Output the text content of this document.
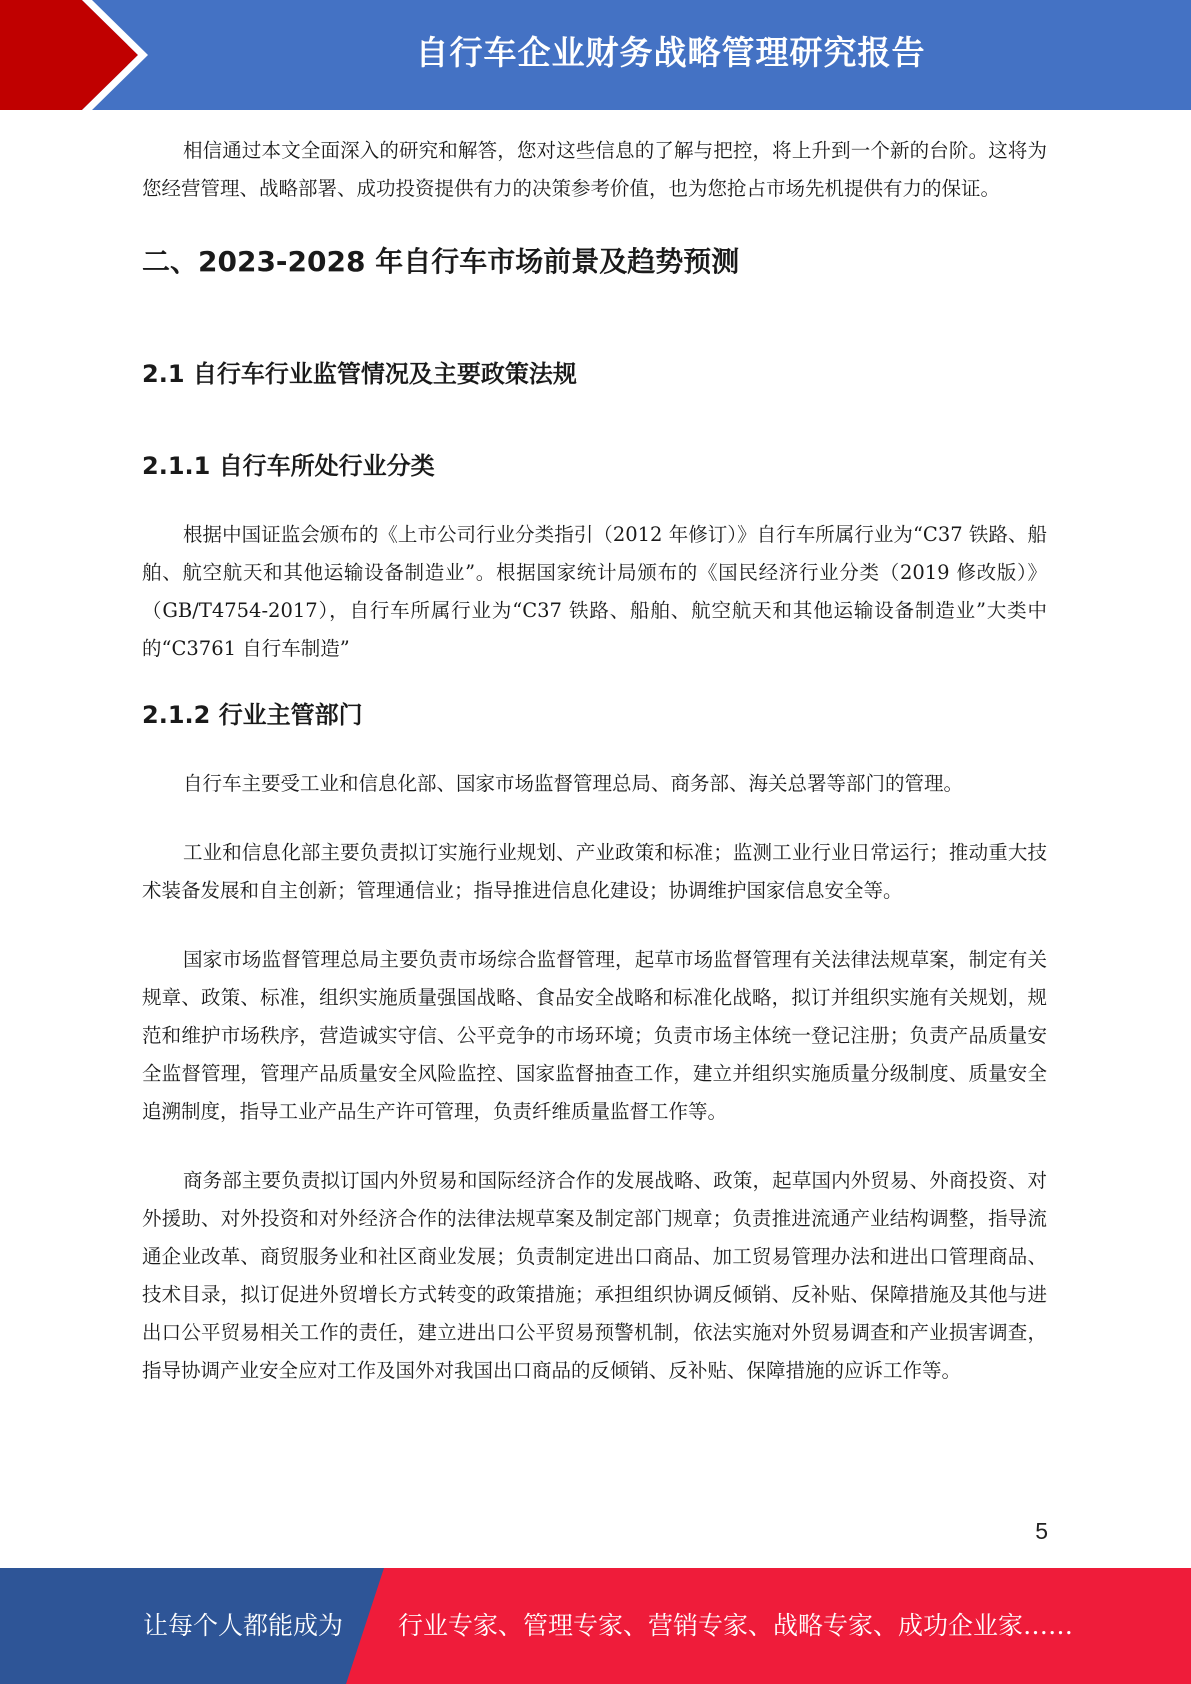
自行车企业财务战略管理研究报告

相信通过本文全面深入的研究和解答，您对这些信息的了解与把控，将上升到一个新的台阶。这将为您经营管理、战略部署、成功投资提供有力的决策参考价值，也为您抢占市场先机提供有力的保证。

二、2023-2028 年自行车市场前景及趋势预测
2.1 自行车行业监管情况及主要政策法规
2.1.1 自行车所处行业分类

根据中国证监会颁布的《上市公司行业分类指引（2012 年修订）》自行车所属行业为“C37 铁路、船舶、航空航天和其他运输设备制造业”。根据国家统计局颁布的《国民经济行业分类（2019 修改版）》（GB/T4754-2017），自行车所属行业为“C37 铁路、船舶、航空航天和其他运输设备制造业”大类中的“C3761 自行车制造”

2.1.2 行业主管部门

自行车主要受工业和信息化部、国家市场监督管理总局、商务部、海关总署等部门的管理。

工业和信息化部主要负责拟订实施行业规划、产业政策和标准；监测工业行业日常运行；推动重大技术装备发展和自主创新；管理通信业；指导推进信息化建设；协调维护国家信息安全等。

国家市场监督管理总局主要负责市场综合监督管理，起草市场监督管理有关法律法规草案，制定有关规章、政策、标准，组织实施质量强国战略、食品安全战略和标准化战略，拟订并组织实施有关规划，规范和维护市场秩序，营造诚实守信、公平竞争的市场环境；负责市场主体统一登记注册；负责产品质量安全监督管理，管理产品质量安全风险监控、国家监督抽查工作，建立并组织实施质量分级制度、质量安全追溯制度，指导工业产品生产许可管理，负责纤维质量监督工作等。

商务部主要负责拟订国内外贸易和国际经济合作的发展战略、政策，起草国内外贸易、外商投资、对外援助、对外投资和对外经济合作的法律法规草案及制定部门规章；负责推进流通产业结构调整，指导流通企业改革、商贸服务业和社区商业发展；负责制定进出口商品、加工贸易管理办法和进出口管理商品、技术目录，拟订促进外贸增长方式转变的政策措施；承担组织协调反倾销、反补贴、保障措施及其他与进出口公平贸易相关工作的责任，建立进出口公平贸易预警机制，依法实施对外贸易调查和产业损害调查，指导协调产业安全应对工作及国外对我国出口商品的反倾销、反补贴、保障措施的应诉工作等。

5
让每个人都能成为 行业专家、管理专家、营销专家、战略专家、成功企业家……
